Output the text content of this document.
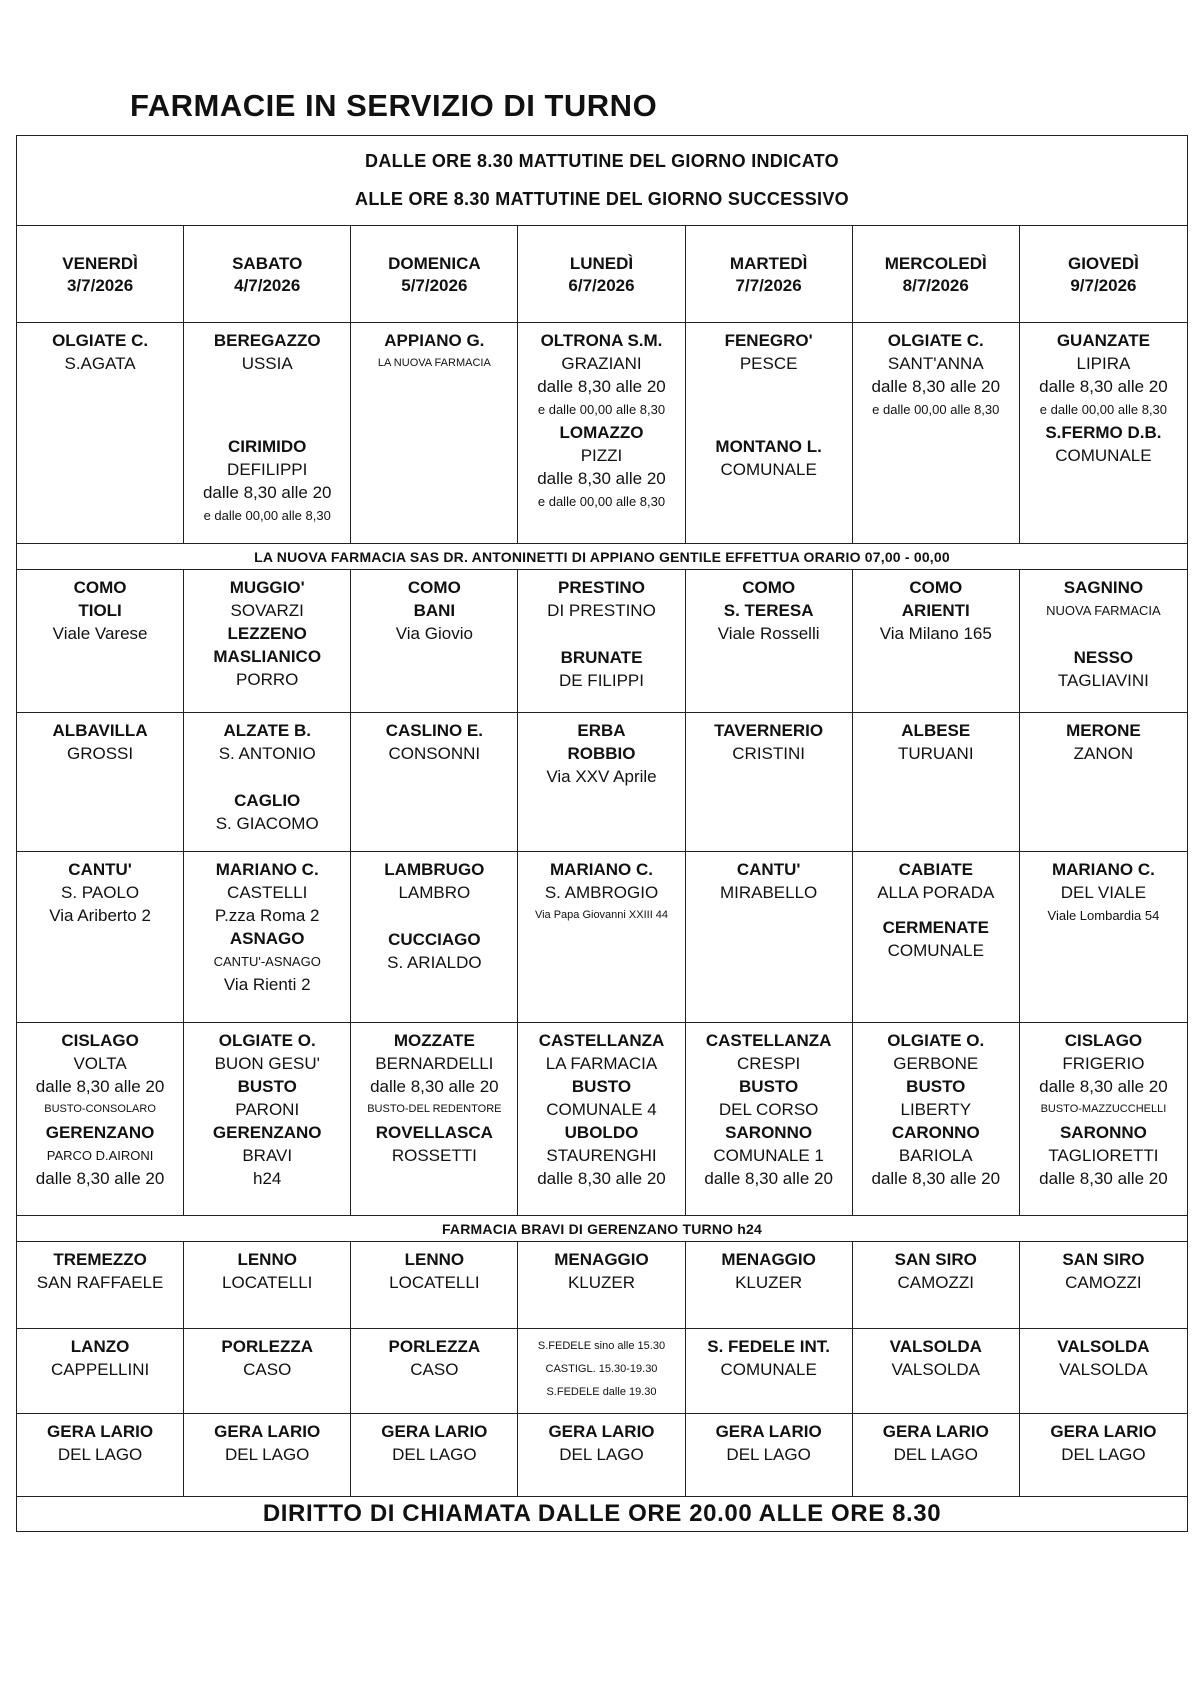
FARMACIE IN SERVIZIO DI TURNO
DALLE ORE 8.30 MATTUTINE DEL GIORNO INDICATO
ALLE ORE 8.30 MATTUTINE DEL GIORNO SUCCESSIVO
VENERDÌ
3/7/2026
SABATO
4/7/2026
DOMENICA
5/7/2026
LUNEDÌ
6/7/2026
MARTEDÌ
7/7/2026
MERCOLEDÌ
8/7/2026
GIOVEDÌ
9/7/2026
OLGIATE C.
S.AGATA
BEREGAZZO
USSIA
CIRIMIDO
DEFILIPPI
dalle 8,30 alle 20
e dalle 00,00 alle 8,30
APPIANO G.
LA NUOVA FARMACIA
OLTRONA S.M.
GRAZIANI
dalle 8,30 alle 20
e dalle 00,00 alle 8,30
LOMAZZO
PIZZI
dalle 8,30 alle 20
e dalle 00,00 alle 8,30
FENEGRO'
PESCE
MONTANO L.
COMUNALE
OLGIATE C.
SANT'ANNA
dalle 8,30 alle 20
e dalle 00,00 alle 8,30
GUANZATE
LIPIRA
dalle 8,30 alle 20
e dalle 00,00 alle 8,30
S.FERMO D.B.
COMUNALE
LA NUOVA FARMACIA SAS DR. ANTONINETTI DI APPIANO GENTILE EFFETTUA ORARIO 07,00 - 00,00
COMO
TIOLI
Viale Varese
MUGGIO'
SOVARZI
LEZZENO
MASLIANICO
PORRO
COMO
BANI
Via Giovio
PRESTINO
DI PRESTINO
BRUNATE
DE FILIPPI
COMO
S. TERESA
Viale Rosselli
COMO
ARIENTI
Via Milano 165
SAGNINO
NUOVA FARMACIA
NESSO
TAGLIAVINI
ALBAVILLA
GROSSI
ALZATE B.
S. ANTONIO
CAGLIO
S. GIACOMO
CASLINO E.
CONSONNI
ERBA
ROBBIO
Via XXV Aprile
TAVERNERIO
CRISTINI
ALBESE
TURUANI
MERONE
ZANON
CANTU'
S. PAOLO
Via Ariberto 2
MARIANO C.
CASTELLI
P.zza Roma 2
ASNAGO
CANTU'-ASNAGO
Via Rienti 2
LAMBRUGO
LAMBRO
CUCCIAGO
S. ARIALDO
MARIANO C.
S. AMBROGIO
Via Papa Giovanni XXIII 44
CANTU'
MIRABELLO
CABIATE
ALLA PORADA
CERMENATE
COMUNALE
MARIANO C.
DEL VIALE
Viale Lombardia 54
CISLAGO
VOLTA
dalle 8,30 alle 20
BUSTO-CONSOLARO
GERENZANO
PARCO D.AIRONI
dalle 8,30 alle 20
OLGIATE O.
BUON GESU'
BUSTO
PARONI
GERENZANO
BRAVI
h24
MOZZATE
BERNARDELLI
dalle 8,30 alle 20
BUSTO-DEL REDENTORE
ROVELLASCA
ROSSETTI
CASTELLANZA
LA FARMACIA
BUSTO
COMUNALE 4
UBOLDO
STAURENGHI
dalle 8,30 alle 20
CASTELLANZA
CRESPI
BUSTO
DEL CORSO
SARONNO
COMUNALE 1
dalle 8,30 alle 20
OLGIATE O.
GERBONE
BUSTO
LIBERTY
CARONNO
BARIOLA
dalle 8,30 alle 20
CISLAGO
FRIGERIO
dalle 8,30 alle 20
BUSTO-MAZZUCCHELLI
SARONNO
TAGLIORETTI
dalle 8,30 alle 20
FARMACIA BRAVI DI GERENZANO TURNO h24
TREMEZZO
SAN RAFFAELE
LENNO
LOCATELLI
LENNO
LOCATELLI
MENAGGIO
KLUZER
MENAGGIO
KLUZER
SAN SIRO
CAMOZZI
SAN SIRO
CAMOZZI
LANZO
CAPPELLINI
PORLEZZA
CASO
PORLEZZA
CASO
S.FEDELE sino alle 15.30
CASTIGL. 15.30-19.30
S.FEDELE dalle 19.30
S. FEDELE INT.
COMUNALE
VALSOLDA
VALSOLDA
VALSOLDA
VALSOLDA
GERA LARIO
DEL LAGO
GERA LARIO
DEL LAGO
GERA LARIO
DEL LAGO
GERA LARIO
DEL LAGO
GERA LARIO
DEL LAGO
GERA LARIO
DEL LAGO
GERA LARIO
DEL LAGO
DIRITTO DI CHIAMATA DALLE ORE 20.00 ALLE ORE 8.30
